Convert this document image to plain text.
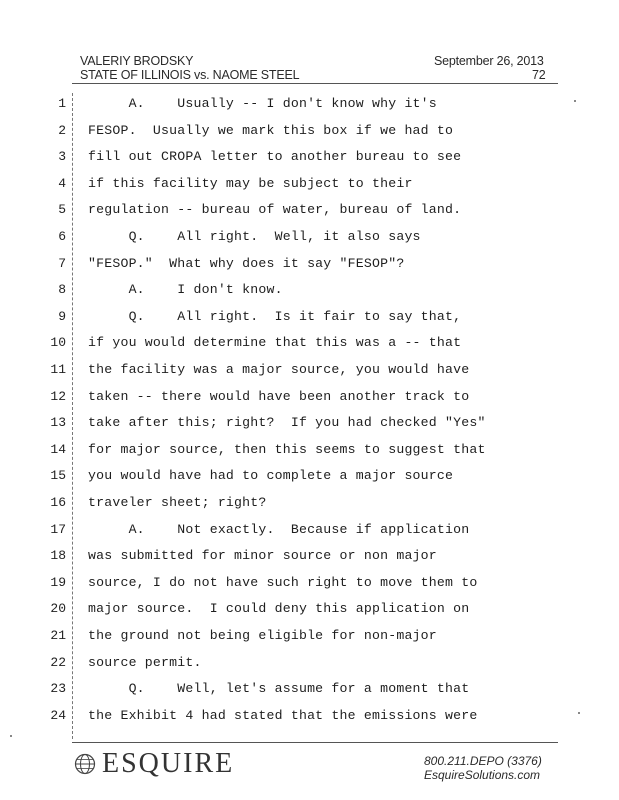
VALERIY BRODSKY
STATE OF ILLINOIS vs. NAOME STEEL
September 26, 2013
72
1 A.    Usually -- I don't know why it's
2 FESOP.  Usually we mark this box if we had to
3 fill out CROPA letter to another bureau to see
4 if this facility may be subject to their
5 regulation -- bureau of water, bureau of land.
6 Q.    All right.  Well, it also says
7 "FESOP."  What why does it say "FESOP"?
8 A.    I don't know.
9 Q.    All right.  Is it fair to say that,
10 if you would determine that this was a -- that
11 the facility was a major source, you would have
12 taken -- there would have been another track to
13 take after this; right?  If you had checked "Yes"
14 for major source, then this seems to suggest that
15 you would have had to complete a major source
16 traveler sheet; right?
17 A.    Not exactly.  Because if application
18 was submitted for minor source or non major
19 source, I do not have such right to move them to
20 major source.  I could deny this application on
21 the ground not being eligible for non-major
22 source permit.
23 Q.    Well, let's assume for a moment that
24 the Exhibit 4 had stated that the emissions were
ESQUIRE	800.211.DEPO (3376)
EsquireSolutions.com
